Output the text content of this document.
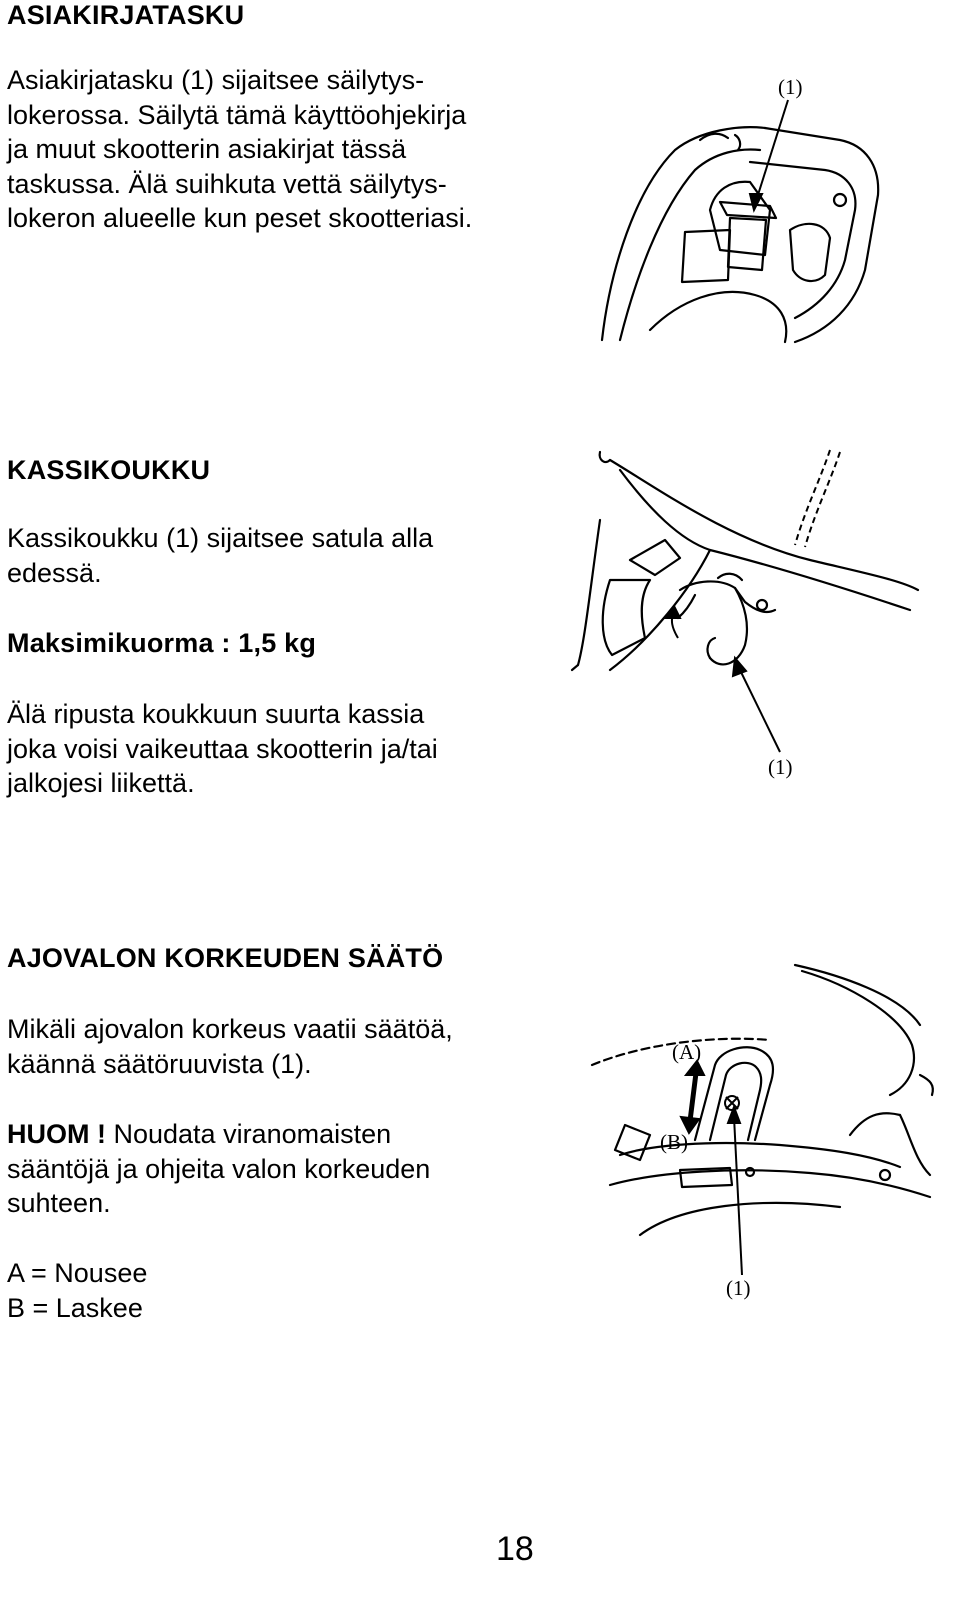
ASIAKIRJATASKU
Asiakirjatasku (1) sijaitsee säilytys-
lokerossa. Säilytä tämä käyttöohjekirja
ja muut skootterin asiakirjat tässä
taskussa. Älä suihkuta vettä säilytys-
lokeron alueelle kun peset skootteriasi.
(1)
KASSIKOUKKU
Kassikoukku (1) sijaitsee satula alla
edessä.
Maksimikuorma : 1,5 kg
Älä ripusta koukkuun suurta kassia
joka voisi vaikeuttaa skootterin ja/tai
jalkojesi liikettä.
(1)
AJOVALON KORKEUDEN SÄÄTÖ
Mikäli ajovalon korkeus vaatii säätöä,
käännä säätöruuvista (1).
HUOM ! Noudata viranomaisten
sääntöjä ja ohjeita valon korkeuden
suhteen.
A = Nousee
B = Laskee
(A)
(B)
(1)
18
